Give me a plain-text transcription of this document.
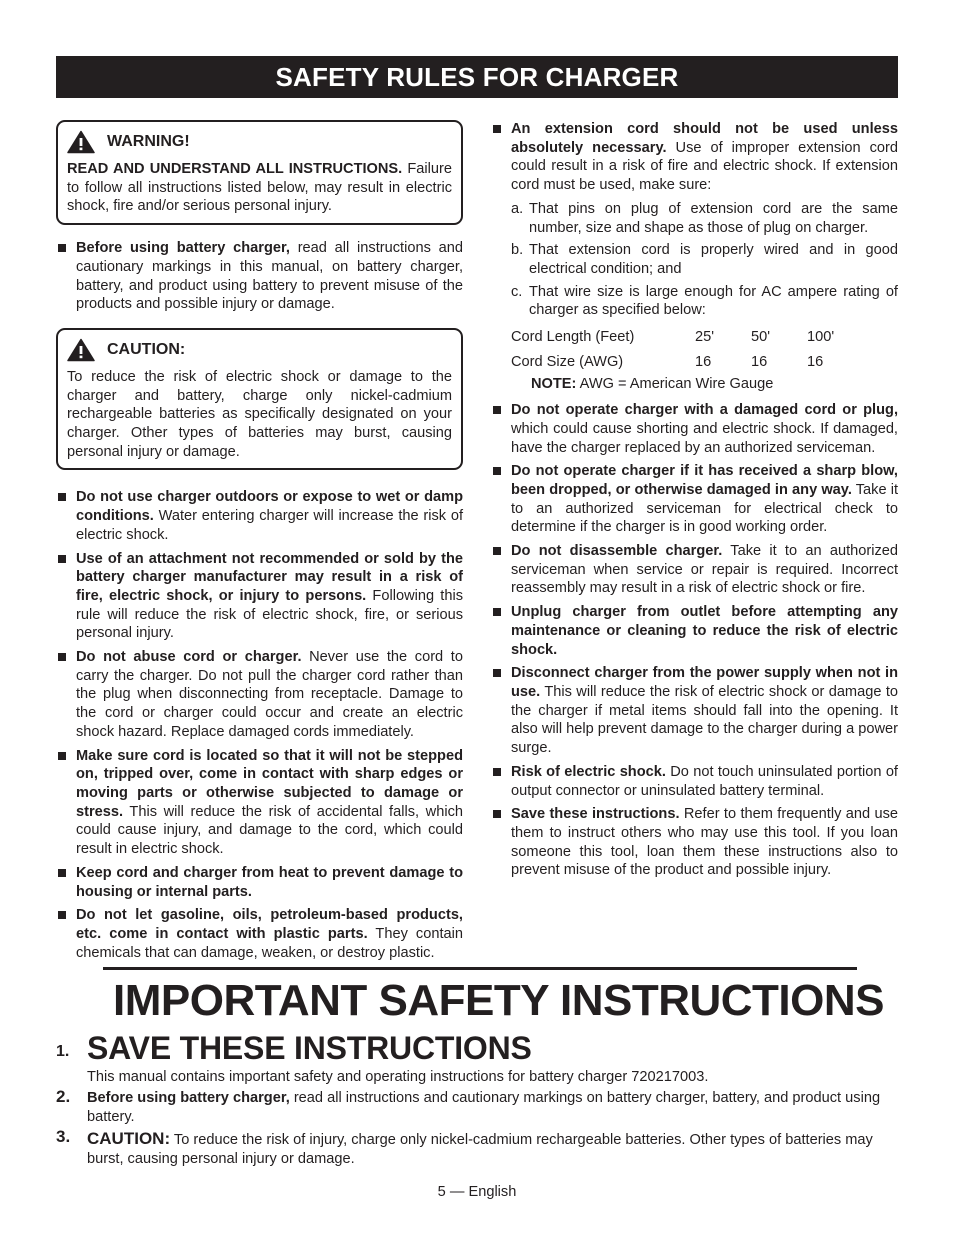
SAFETY RULES FOR CHARGER
WARNING!
READ AND UNDERSTAND ALL INSTRUCTIONS. Failure to follow all instructions listed below, may result in electric shock, fire and/or serious personal injury.
Before using battery charger, read all instructions and cautionary markings in this manual, on battery charger, battery, and product using battery to prevent misuse of the products and possible injury or damage.
CAUTION:
To reduce the risk of electric shock or damage to the charger and battery, charge only nickel-cadmium rechargeable batteries as specifically designated on your charger. Other types of batteries may burst, causing personal injury or damage.
Do not use charger outdoors or expose to wet or damp conditions. Water entering charger will increase the risk of electric shock.
Use of an attachment not recommended or sold by the battery charger manufacturer may result in a risk of fire, electric shock, or injury to persons. Following this rule will reduce the risk of electric shock, fire, or serious personal injury.
Do not abuse cord or charger. Never use the cord to carry the charger. Do not pull the charger cord rather than the plug when disconnecting from receptacle. Damage to the cord or charger could occur and create an electric shock hazard. Replace damaged cords immediately.
Make sure cord is located so that it will not be stepped on, tripped over, come in contact with sharp edges or moving parts or otherwise subjected to damage or stress. This will reduce the risk of accidental falls, which could cause injury, and damage to the cord, which could result in electric shock.
Keep cord and charger from heat to prevent damage to housing or internal parts.
Do not let gasoline, oils, petroleum-based products, etc. come in contact with plastic parts. They contain chemicals that can damage, weaken, or destroy plastic.
An extension cord should not be used unless absolutely necessary. Use of improper extension cord could result in a risk of fire and electric shock. If extension cord must be used, make sure:
a. That pins on plug of extension cord are the same number, size and shape as those of plug on charger.
b. That extension cord is properly wired and in good electrical condition; and
c. That wire size is large enough for AC ampere rating of charger as specified below:
Cord Length (Feet)	25'	50'	100'
Cord Size (AWG)	16	16	16
NOTE: AWG = American Wire Gauge
Do not operate charger with a damaged cord or plug, which could cause shorting and electric shock. If damaged, have the charger replaced by an authorized serviceman.
Do not operate charger if it has received a sharp blow, been dropped, or otherwise damaged in any way. Take it to an authorized serviceman for electrical check to determine if the charger is in good working order.
Do not disassemble charger. Take it to an authorized serviceman when service or repair is required. Incorrect reassembly may result in a risk of electric shock or fire.
Unplug charger from outlet before attempting any maintenance or cleaning to reduce the risk of electric shock.
Disconnect charger from the power supply when not in use. This will reduce the risk of electric shock or damage to the charger if metal items should fall into the opening. It also will help prevent damage to the charger during a power surge.
Risk of electric shock. Do not touch uninsulated portion of output connector or uninsulated battery terminal.
Save these instructions. Refer to them frequently and use them to instruct others who may use this tool. If you loan someone this tool, loan them these instructions also to prevent misuse of the product and possible injury.
IMPORTANT SAFETY INSTRUCTIONS
1. SAVE THESE INSTRUCTIONS
This manual contains important safety and operating instructions for battery charger 720217003.
2. Before using battery charger, read all instructions and cautionary markings on battery charger, battery, and product using battery.
3. CAUTION: To reduce the risk of injury, charge only nickel-cadmium rechargeable batteries. Other types of batteries may burst, causing personal injury or damage.
5 — English
